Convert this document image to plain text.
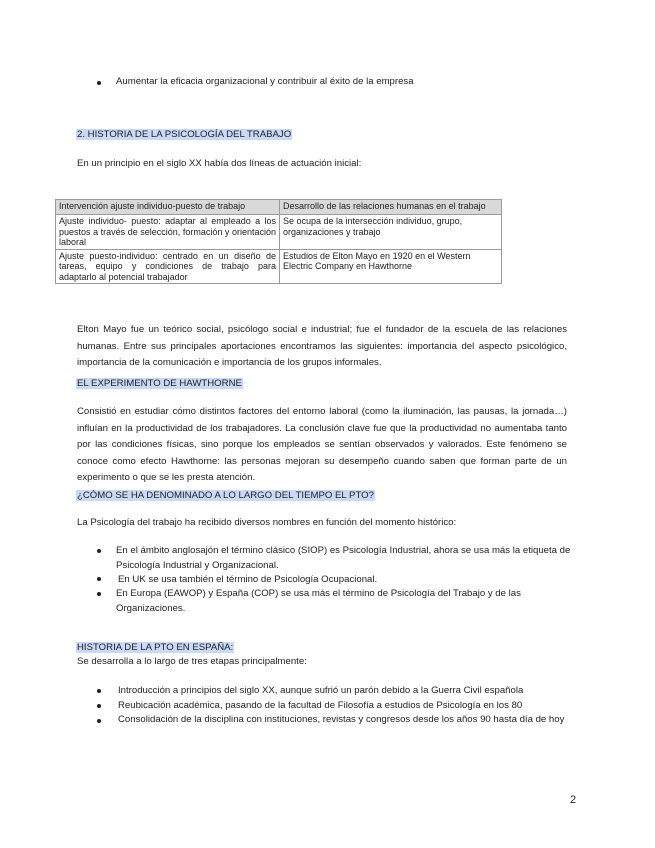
Aumentar la eficacia organizacional y contribuir al éxito de la empresa
2. HISTORIA DE LA PSICOLOGÍA DEL TRABAJO
En un principio en el siglo XX había dos líneas de actuación inicial:
Intervención ajuste individuo-puesto de trabajo	Desarrollo de las relaciones humanas en el trabajo
Ajuste individuo- puesto: adaptar al empleado a los puestos a través de selección, formación y orientación laboral	Se ocupa de la intersección individuo, grupo, organizaciones y trabajo
Ajuste puesto-individuo: centrado en un diseño de tareas, equipo y condiciones de trabajo para adaptarlo al potencial trabajador	Estudios de Elton Mayo en 1920 en el Western Electric Company en Hawthorne
Elton Mayo fue un teórico social, psicólogo social e industrial; fue el fundador de la escuela de las relaciones humanas. Entre sus principales aportaciones encontramos las siguientes: importancia del aspecto psicológico, importancia de la comunicación e importancia de los grupos informales.
EL EXPERIMENTO DE HAWTHORNE
Consistió en estudiar cómo distintos factores del entorno laboral (como la iluminación, las pausas, la jornada…) influían en la productividad de los trabajadores. La conclusión clave fue que la productividad no aumentaba tanto por las condiciones físicas, sino porque los empleados se sentían observados y valorados. Este fenómeno se conoce como efecto Hawthorne: las personas mejoran su desempeño cuando saben que forman parte de un experimento o que se les presta atención.
¿CÓMO SE HA DENOMINADO A LO LARGO DEL TIEMPO EL PTO?
La Psicología del trabajo ha recibido diversos nombres en función del momento histórico:
En el ámbito anglosajón el término clásico (SIOP) es Psicología Industrial, ahora se usa más la etiqueta de Psicología Industrial y Organizacional.
En UK se usa también el término de Psicología Ocupacional.
En Europa (EAWOP) y España (COP) se usa más el término de Psicología del Trabajo y de las Organizaciones.
HISTORIA DE LA PTO EN ESPAÑA:
Se desarrolla a lo largo de tres etapas principalmente:
Introducción a principios del siglo XX, aunque sufrió un parón debido a la Guerra Civil española
Reubicación académica, pasando de la facultad de Filosofía a estudios de Psicología en los 80
Consolidación de la disciplina con instituciones, revistas y congresos desde los años 90 hasta día de hoy
2
